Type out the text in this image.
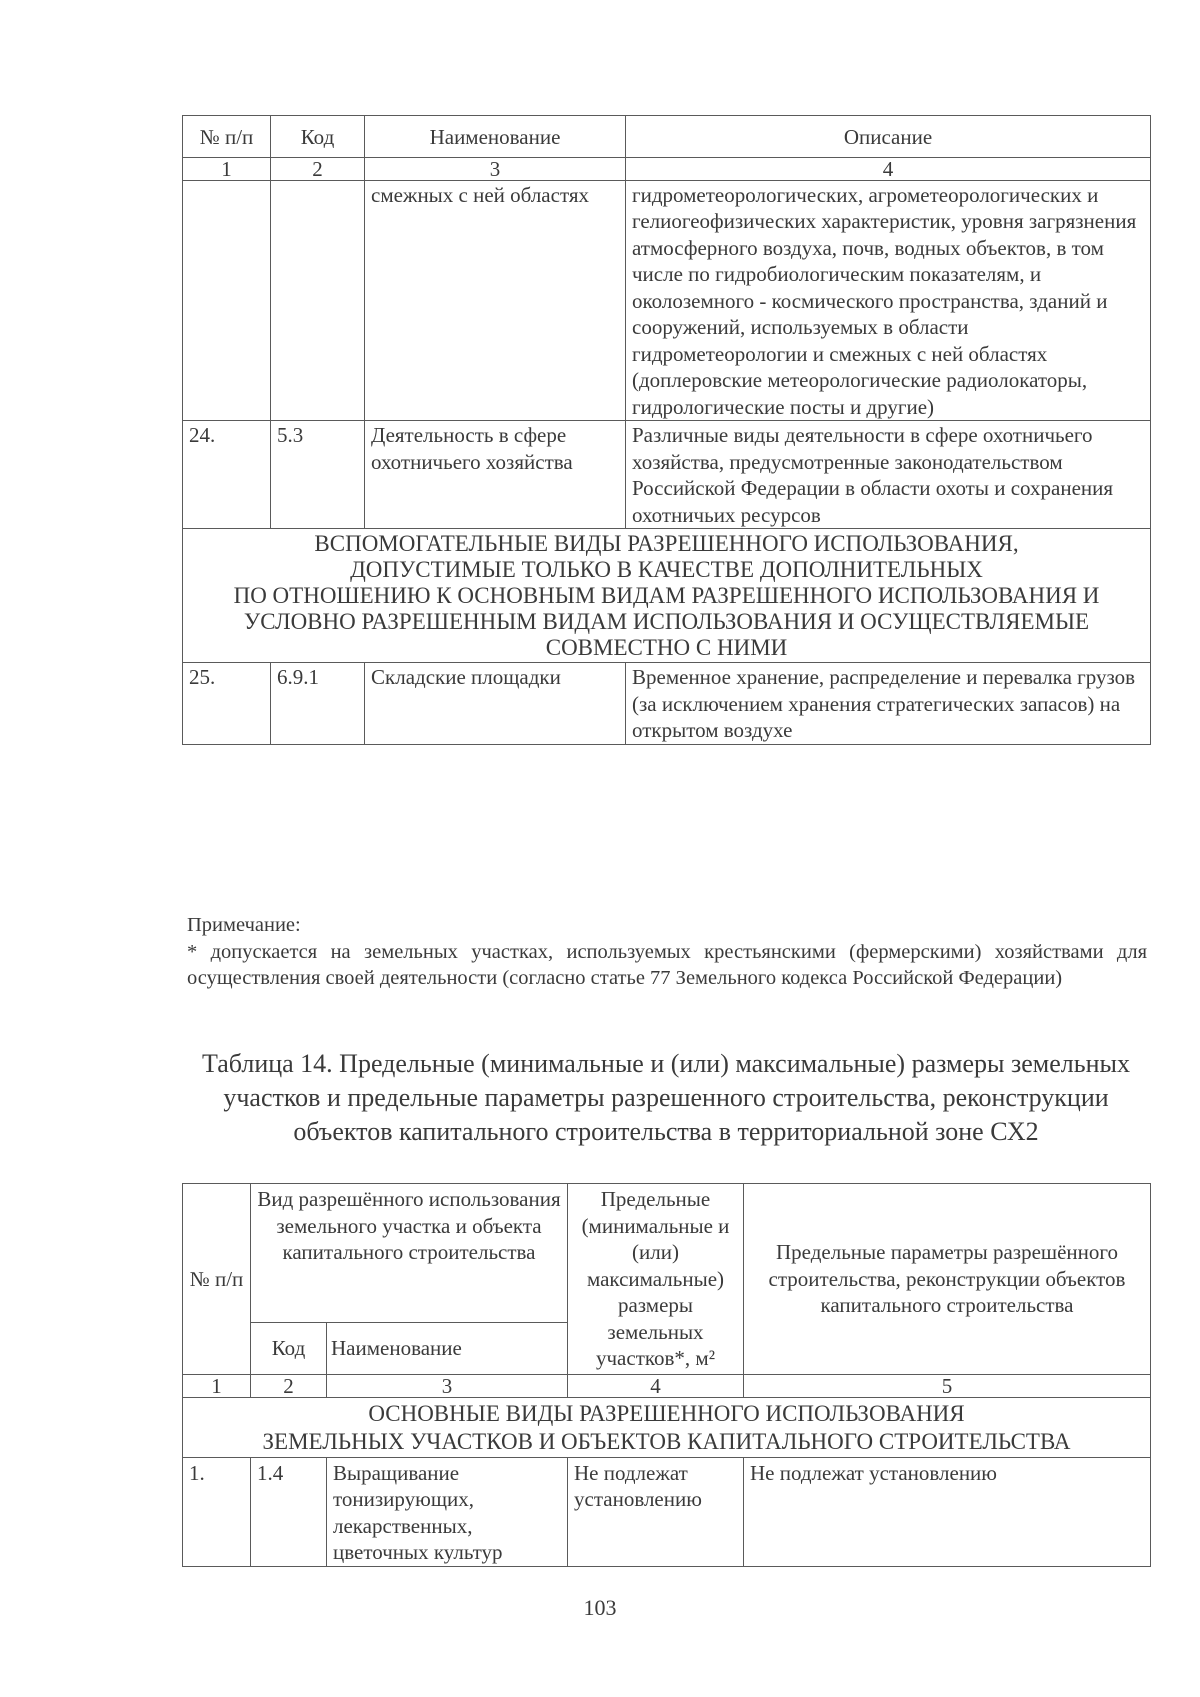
№ п/п	Код	Наименование	Описание
1	2	3	4
		смежных с ней областях	гидрометеорологических, агрометеорологических и гелиогеофизических характеристик, уровня загрязнения атмосферного воздуха, почв, водных объектов, в том числе по гидробиологическим показателям, и околоземного - космического пространства, зданий и сооружений, используемых в области гидрометеорологии и смежных с ней областях (доплеровские метеорологические радиолокаторы, гидрологические посты и другие)
24.	5.3	Деятельность в сфере охотничьего хозяйства	Различные виды деятельности в сфере охотничьего хозяйства, предусмотренные законодательством Российской Федерации в области охоты и сохранения охотничьих ресурсов

ВСПОМОГАТЕЛЬНЫЕ ВИДЫ РАЗРЕШЕННОГО ИСПОЛЬЗОВАНИЯ,
ДОПУСТИМЫЕ ТОЛЬКО В КАЧЕСТВЕ ДОПОЛНИТЕЛЬНЫХ
ПО ОТНОШЕНИЮ К ОСНОВНЫМ ВИДАМ РАЗРЕШЕННОГО ИСПОЛЬЗОВАНИЯ И
УСЛОВНО РАЗРЕШЕННЫМ ВИДАМ ИСПОЛЬЗОВАНИЯ И ОСУЩЕСТВЛЯЕМЫЕ
СОВМЕСТНО С НИМИ			

25.	6.9.1	Складские площадки	Временное хранение, распределение и перевалка грузов (за исключением хранения стратегических запасов) на открытом воздухе
Примечание:
* допускается на земельных участках, используемых крестьянскими (фермерскими) хозяйствами для осуществления своей деятельности (согласно статье 77 Земельного кодекса Российской Федерации)
Таблица 14. Предельные (минимальные и (или) максимальные) размеры земельных участков и предельные параметры разрешенного строительства, реконструкции объектов капитального строительства в территориальной зоне СХ2
№ п/п	Вид разрешённого использования земельного участка и объекта капитального строительства		Предельные (минимальные и (или) максимальные) размеры земельных участков*, м²	Предельные параметры разрешённого строительства, реконструкции объектов капитального строительства
	Код	Наименование		
1	2	3	4	5

ОСНОВНЫЕ ВИДЫ РАЗРЕШЕННОГО ИСПОЛЬЗОВАНИЯ
ЗЕМЕЛЬНЫХ УЧАСТКОВ И ОБЪЕКТОВ КАПИТАЛЬНОГО СТРОИТЕЛЬСТВА				

1.	1.4	Выращивание тонизирующих, лекарственных, цветочных культур	Не подлежат установлению	Не подлежат установлению
103
